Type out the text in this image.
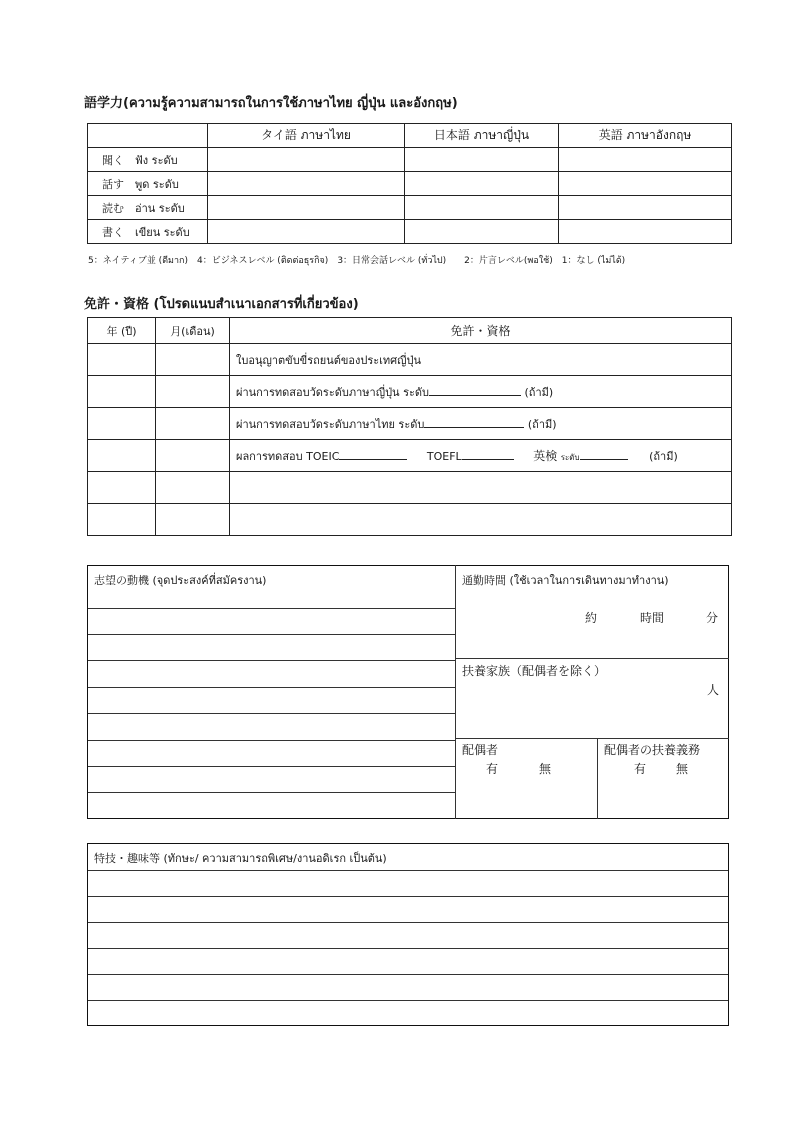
語学力(ความรู้ความสามารถในการใช้ภาษาไทย ญี่ปุ่น และอังกฤษ)
	タイ語 ภาษาไทย	日本語 ภาษาญี่ปุ่น	英語 ภาษาอังกฤษ
聞く　ฟัง ระดับ			
話す　พูด ระดับ			
読む　อ่าน ระดับ			
書く　เขียน ระดับ			
5：ネイティブ並 (ดีมาก)　4：ビジネスレベル (ติดต่อธุรกิจ)　3：日常会話レベル (ทั่วไป)　　2：片言レベル(พอใช้)　1：なし (ไม่ได้)
免許・資格 (โปรดแนบสำเนาเอกสารที่เกี่ยวข้อง)
年 (ปี)	月(เดือน)	免許・資格
		ใบอนุญาตขับขี่รถยนต์ของประเทศญี่ปุ่น
		ผ่านการทดสอบวัดระดับภาษาญี่ปุ่น ระดับ (ถ้ามี)
		ผ่านการทดสอบวัดระดับภาษาไทย ระดับ (ถ้ามี)
		ผลการทดสอบ TOEIC TOEFL 英検 ระดับ (ถ้ามี)

志望の動機 (จุดประสงค์ที่สมัครงาน)	通勤時間 (ใช้เวลาในการเดินทางมาทำงาน)
約	時間	分
扶養家族（配偶者を除く）
人
配偶者
有	無
配偶者の扶養義務
有 無
特技・趣味等 (ทักษะ/ ความสามารถพิเศษ/งานอดิเรก เป็นต้น)
